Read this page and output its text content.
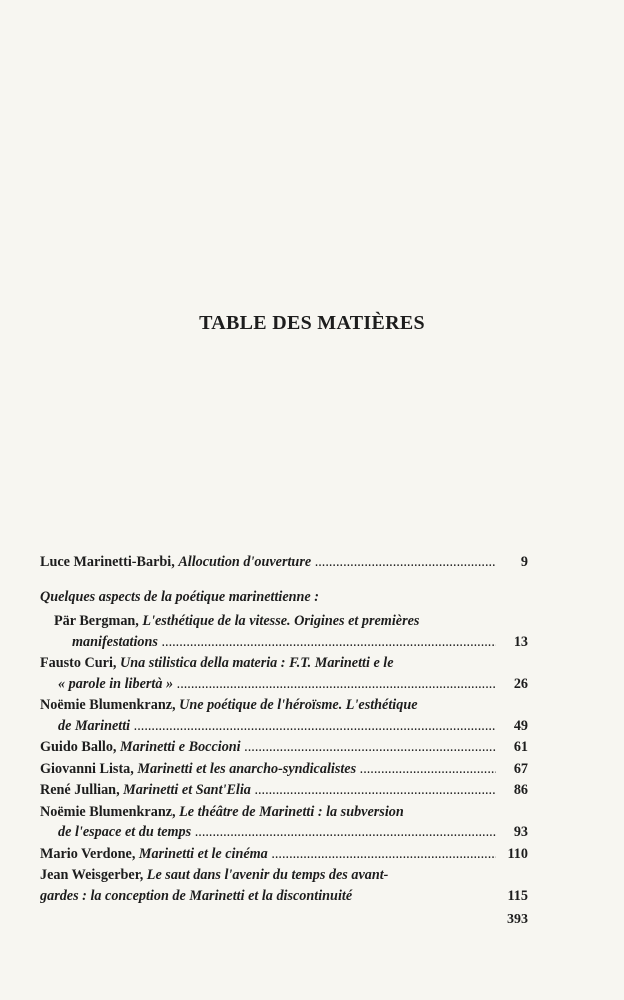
TABLE DES MATIÈRES
Luce Marinetti-Barbi, Allocution d'ouverture .....	9
Quelques aspects de la poétique marinettienne :
Pär Bergman, L'esthétique de la vitesse. Origines et premières
manifestations .....	13
Fausto Curi, Una stilistica della materia : F.T. Marinetti e le
« parole in libertà » .....	26
Noëmie Blumenkranz, Une poétique de l'héroïsme. L'esthétique
de Marinetti .....	49
Guido Ballo, Marinetti e Boccioni .....	61
Giovanni Lista, Marinetti et les anarcho-syndicalistes .....	67
René Jullian, Marinetti et Sant'Elia .....	86
Noëmie Blumenkranz, Le théâtre de Marinetti : la subversion
de l'espace et du temps .....	93
Mario Verdone, Marinetti et le cinéma .....	110
Jean Weisgerber, Le saut dans l'avenir du temps des avant-
gardes : la conception de Marinetti et la discontinuité	115
393
